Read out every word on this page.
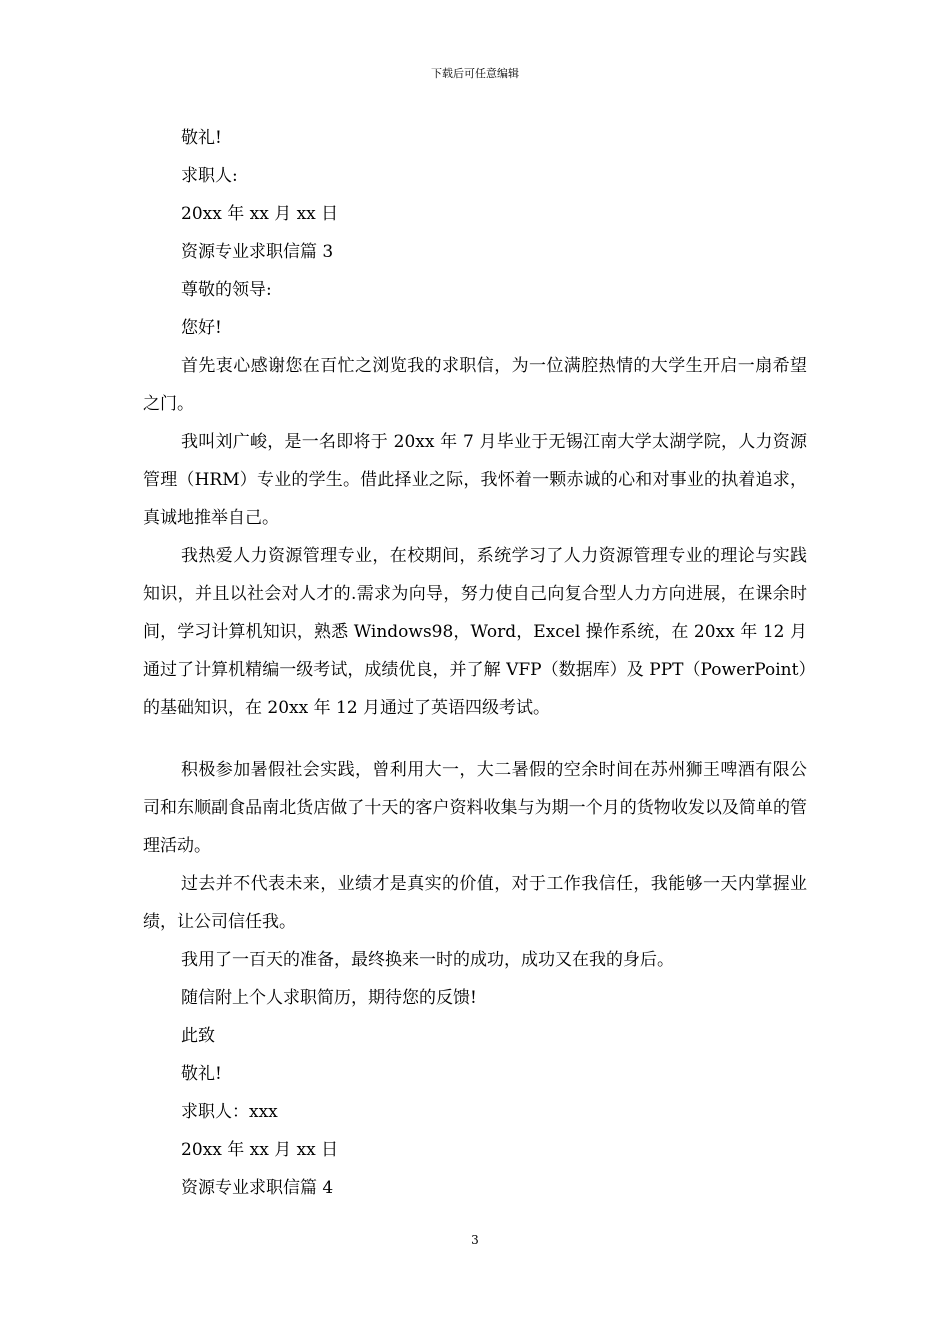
下载后可任意编辑
敬礼!
求职人:
20xx 年 xx 月 xx 日
资源专业求职信篇 3
尊敬的领导:
您好!

首先衷心感谢您在百忙之浏览我的求职信，为一位满腔热情的大学生开启一扇希望之门。

我叫刘广峻，是一名即将于 20xx 年 7 月毕业于无锡江南大学太湖学院，人力资源管理（HRM）专业的学生。借此择业之际，我怀着一颗赤诚的心和对事业的执着追求，真诚地推举自己。

我热爱人力资源管理专业，在校期间，系统学习了人力资源管理专业的理论与实践知识，并且以社会对人才的.需求为向导，努力使自己向复合型人力方向进展，在课余时间，学习计算机知识，熟悉 Windows98，Word，Excel 操作系统，在 20xx 年 12 月通过了计算机精编一级考试，成绩优良，并了解 VFP（数据库）及 PPT（PowerPoint）的基础知识，在 20xx 年 12 月通过了英语四级考试。

积极参加暑假社会实践，曾利用大一，大二暑假的空余时间在苏州狮王啤酒有限公司和东顺副食品南北货店做了十天的客户资料收集与为期一个月的货物收发以及简单的管理活动。

过去并不代表未来，业绩才是真实的价值，对于工作我信任，我能够一天内掌握业绩，让公司信任我。

我用了一百天的准备，最终换来一时的成功，成功又在我的身后。
随信附上个人求职简历，期待您的反馈!
此致
敬礼!
求职人：xxx
20xx 年 xx 月 xx 日
资源专业求职信篇 4
3
